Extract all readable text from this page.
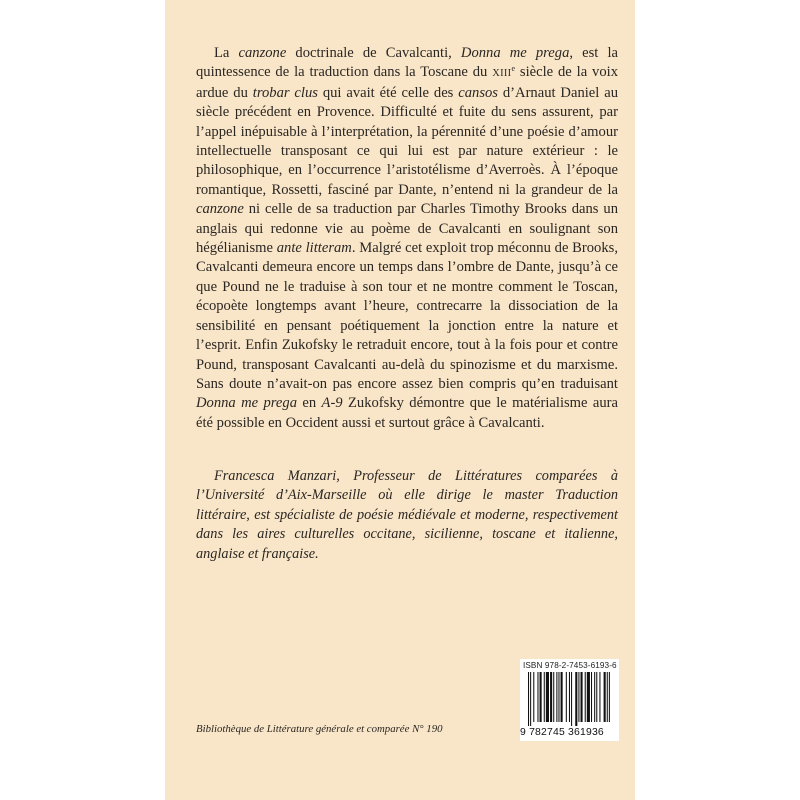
La canzone doctrinale de Cavalcanti, Donna me prega, est la quintessence de la traduction dans la Toscane du XIIIe siècle de la voix ardue du trobar clus qui avait été celle des cansos d’Arnaut Daniel au siècle précédent en Provence. Difficulté et fuite du sens assurent, par l’appel inépuisable à l’interprétation, la pérennité d’une poésie d’amour intellectuelle transposant ce qui lui est par nature extérieur : le philosophique, en l’occurrence l’aristotélisme d’Averroès. À l’époque romantique, Rossetti, fasciné par Dante, n’entend ni la grandeur de la canzone ni celle de sa traduction par Charles Timothy Brooks dans un anglais qui redonne vie au poème de Cavalcanti en soulignant son hégélianisme ante litteram. Malgré cet exploit trop méconnu de Brooks, Cavalcanti demeura encore un temps dans l’ombre de Dante, jusqu’à ce que Pound ne le traduise à son tour et ne montre comment le Toscan, écopoète longtemps avant l’heure, contrecarre la dissociation de la sensibilité en pensant poétiquement la jonction entre la nature et l’esprit. Enfin Zukofsky le retraduit encore, tout à la fois pour et contre Pound, transposant Cavalcanti au-delà du spinozisme et du marxisme. Sans doute n’avait-on pas encore assez bien compris qu’en traduisant Donna me prega en A-9 Zukofsky démontre que le matérialisme aura été possible en Occident aussi et surtout grâce à Cavalcanti.

Francesca Manzari, Professeur de Littératures comparées à l’Université d’Aix-Marseille où elle dirige le master Traduction littéraire, est spécialiste de poésie médiévale et moderne, respectivement dans les aires culturelles occitane, sicilienne, toscane et italienne, anglaise et française.

Bibliothèque de Littérature générale et comparée N° 190
ISBN 978-2-7453-6193-6
9 782745 361936
